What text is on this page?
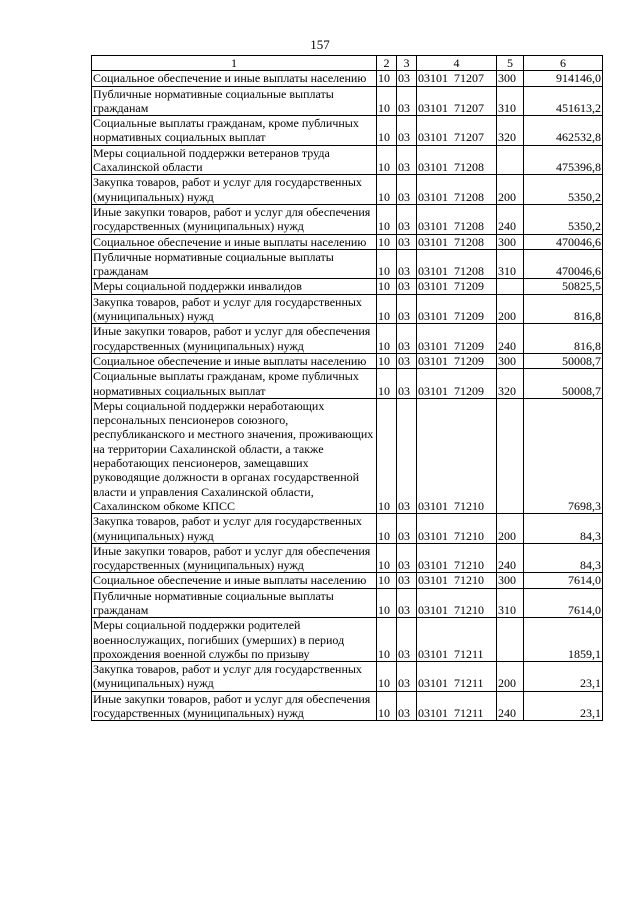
157
1	2	3	4	5	6
Социальное обеспечение и иные выплаты населению	10	03	03101  71207	300	914146,0
Публичные нормативные социальные выплаты гражданам	10	03	03101  71207	310	451613,2
Социальные выплаты гражданам, кроме публичных нормативных социальных выплат	10	03	03101  71207	320	462532,8
Меры социальной поддержки ветеранов труда Сахалинской области	10	03	03101  71208		475396,8
Закупка товаров, работ и услуг для государственных (муниципальных) нужд	10	03	03101  71208	200	5350,2
Иные закупки товаров, работ и услуг для обеспечения государственных (муниципальных) нужд	10	03	03101  71208	240	5350,2
Социальное обеспечение и иные выплаты населению	10	03	03101  71208	300	470046,6
Публичные нормативные социальные выплаты гражданам	10	03	03101  71208	310	470046,6
Меры социальной поддержки инвалидов	10	03	03101  71209		50825,5
Закупка товаров, работ и услуг для государственных (муниципальных) нужд	10	03	03101  71209	200	816,8
Иные закупки товаров, работ и услуг для обеспечения государственных (муниципальных) нужд	10	03	03101  71209	240	816,8
Социальное обеспечение и иные выплаты населению	10	03	03101  71209	300	50008,7
Социальные выплаты гражданам, кроме публичных нормативных социальных выплат	10	03	03101  71209	320	50008,7
Меры социальной поддержки неработающих персональных пенсионеров союзного, республиканского и местного значения, проживающих на территории Сахалинской области, а также неработающих пенсионеров, замещавших руководящие должности в органах государственной власти и управления Сахалинской области, Сахалинском обкоме КПСС	10	03	03101  71210		7698,3
Закупка товаров, работ и услуг для государственных (муниципальных) нужд	10	03	03101  71210	200	84,3
Иные закупки товаров, работ и услуг для обеспечения государственных (муниципальных) нужд	10	03	03101  71210	240	84,3
Социальное обеспечение и иные выплаты населению	10	03	03101  71210	300	7614,0
Публичные нормативные социальные выплаты гражданам	10	03	03101  71210	310	7614,0
Меры социальной поддержки родителей военнослужащих, погибших (умерших) в период прохождения военной службы по призыву	10	03	03101  71211		1859,1
Закупка товаров, работ и услуг для государственных (муниципальных) нужд	10	03	03101  71211	200	23,1
Иные закупки товаров, работ и услуг для обеспечения государственных (муниципальных) нужд	10	03	03101  71211	240	23,1
